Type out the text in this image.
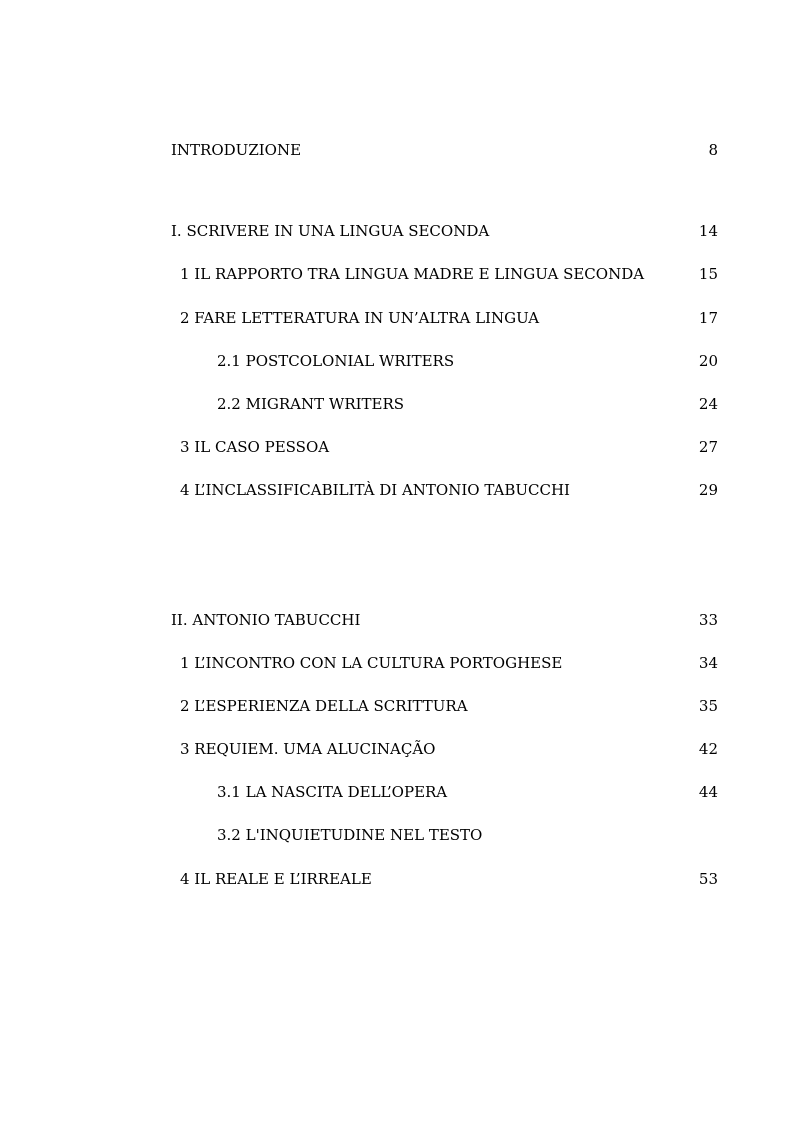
INTRODUZIONE	8
I. SCRIVERE IN UNA LINGUA SECONDA	14
1 IL RAPPORTO TRA LINGUA MADRE E LINGUA SECONDA	15
2 FARE LETTERATURA IN UN’ALTRA LINGUA	17
2.1 POSTCOLONIAL WRITERS	20
2.2 MIGRANT WRITERS	24
3 IL CASO PESSOA	27
4 L’INCLASSIFICABILITÀ DI ANTONIO TABUCCHI	29
II. ANTONIO TABUCCHI	33
1 L’INCONTRO CON LA CULTURA PORTOGHESE	34
2 L’ESPERIENZA DELLA SCRITTURA	35
3 REQUIEM. UMA ALUCINAÇÃO	42
3.1 LA NASCITA DELL’OPERA	44
3.2 L'INQUIETUDINE NEL TESTO
4 IL REALE E L’IRREALE	53
